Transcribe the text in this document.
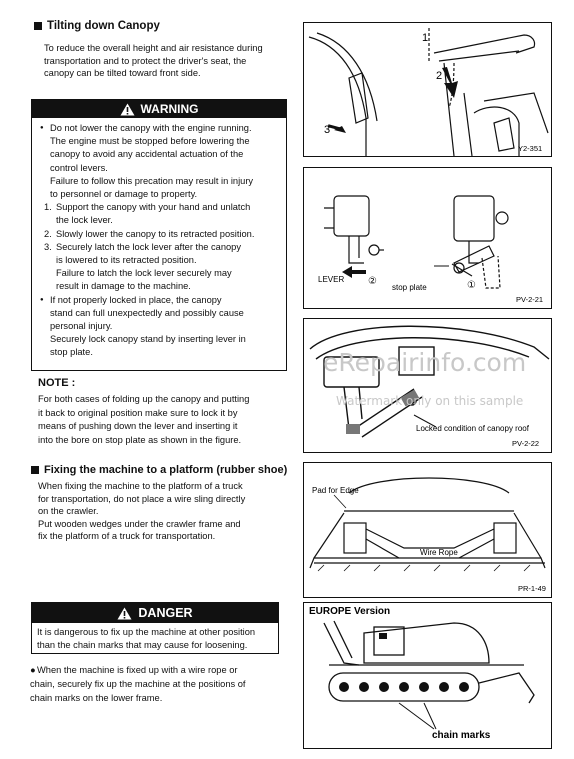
Tilting down Canopy
To reduce the overall height and air resistance during
transportation and to protect the driver's seat, the
canopy can be tilted toward front side.
WARNING
● Do not lower the canopy with the engine running.
The engine must be stopped before lowering the
canopy to avoid any accidental actuation of the
control levers.
Failure to follow this precation may result in injury
to personnel or damage to property.
1. Support the canopy with your hand and unlatch
the lock lever.
2. Slowly lower the canopy to its retracted position.
3. Securely latch the lock lever after the canopy
is lowered to its retracted position.
Failure to latch the lock lever securely may
result in damage to the machine.
● If not properly locked in place, the canopy
stand can full unexpectedly and possibly cause
personal injury.
Securely lock canopy stand by inserting lever in
stop plate.
NOTE :
For both cases of folding up the canopy and putting
it back to original position make sure to lock it by
means of pushing down the lever and inserting it
into the bore on stop plate as shown in the figure.
Fixing the machine to a platform (rubber shoe)
When fixing the machine to the platform of a truck
for transportation, do not place a wire sling directly
on the crawler.
Put wooden wedges under the crawler frame and
fix the platform of a truck for transportation.
DANGER
It is dangerous to fix up the machine at other position
than the chain marks that may cause for loosening.
● When the machine is fixed up with a wire rope or
chain, securely fix up the machine at the positions of
chain marks on the lower frame.
1
2
3
Y2-351
LEVER ②
stop plate	①
PV-2-21
Locked condition of canopy roof
PV-2-22
Pad for Edge
Wire Rope
PR-1-49
EUROPE Version
chain marks
eRepairinfo.com
Watermark only on this sample
